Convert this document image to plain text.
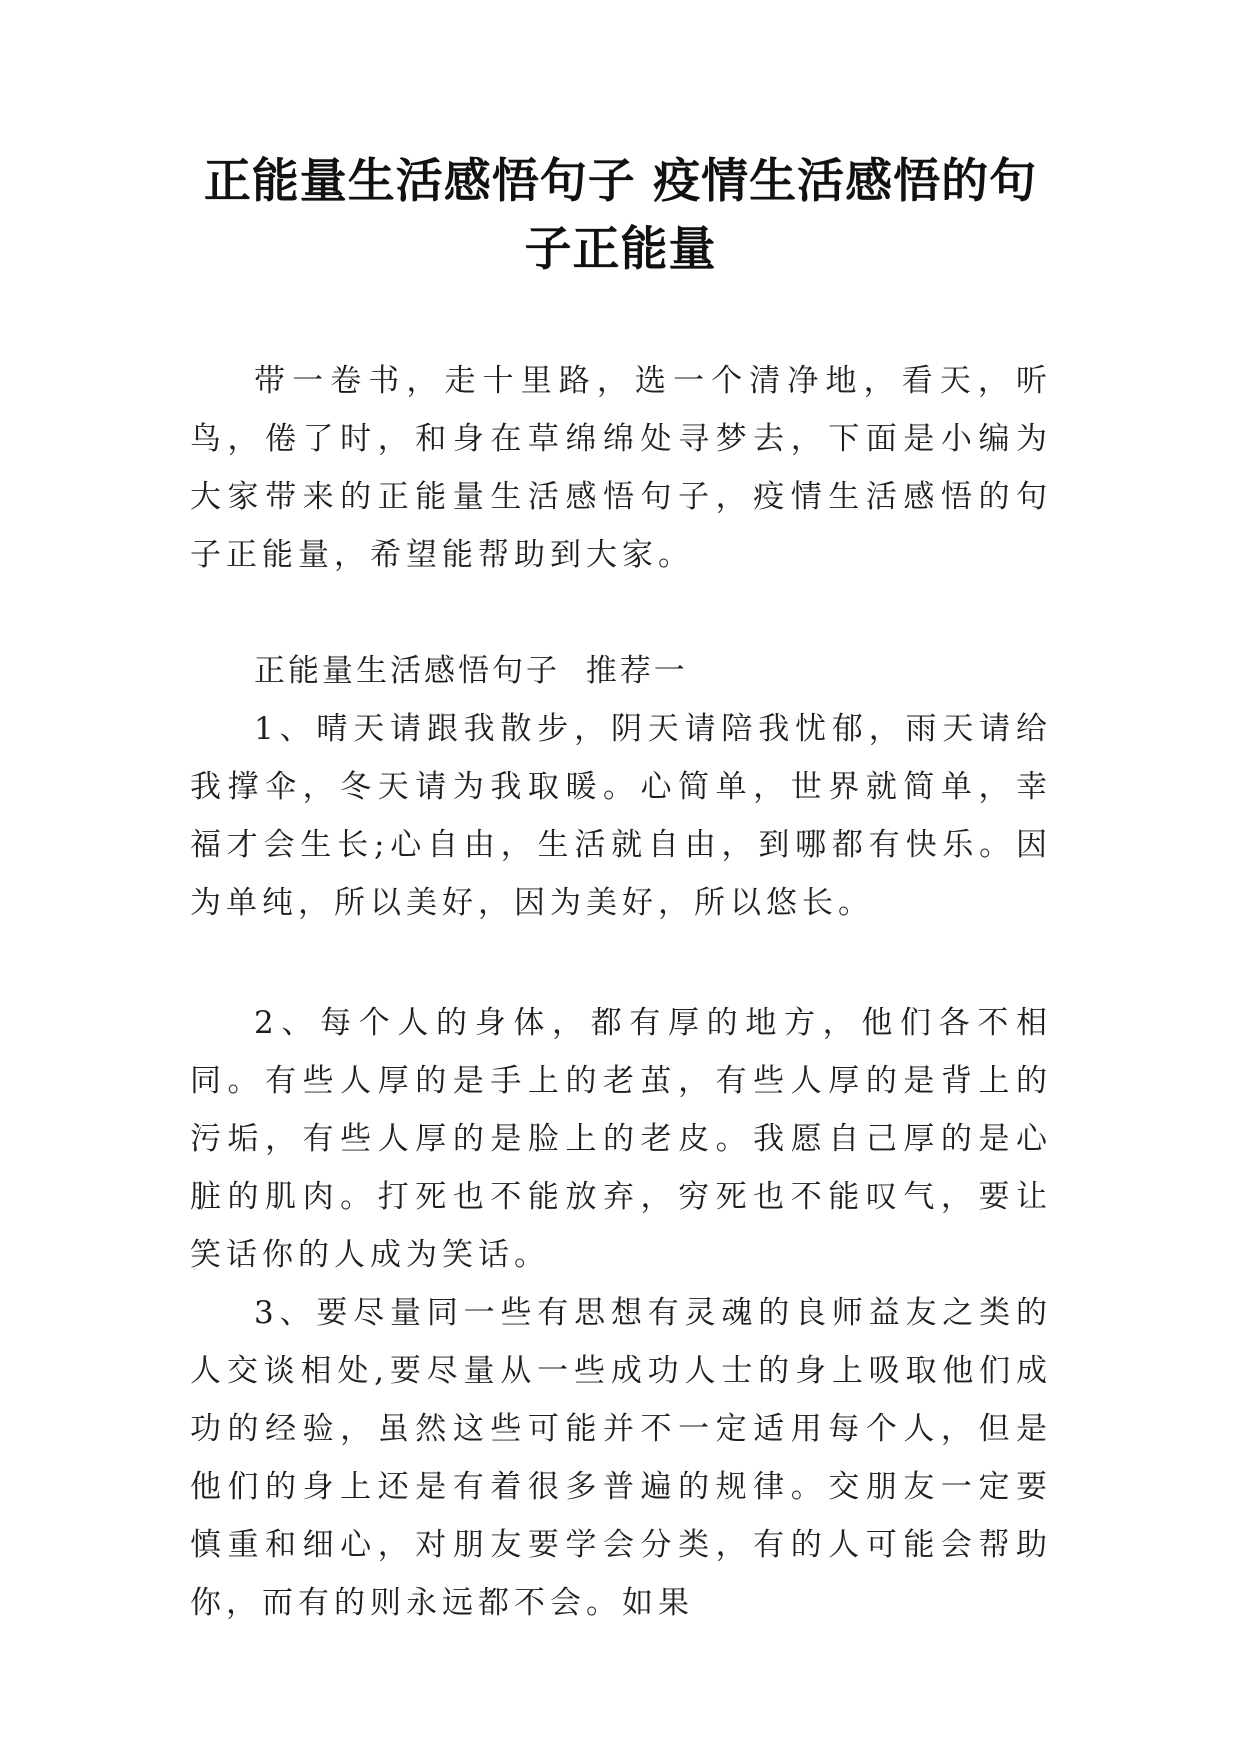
正能量生活感悟句子 疫情生活感悟的句子正能量

带一卷书，走十里路，选一个清净地，看天，听鸟，倦了时，和身在草绵绵处寻梦去，下面是小编为大家带来的正能量生活感悟句子，疫情生活感悟的句子正能量，希望能帮助到大家。

正能量生活感悟句子  推荐一

1、晴天请跟我散步，阴天请陪我忧郁，雨天请给我撑伞，冬天请为我取暖。心简单，世界就简单，幸福才会生长;心自由，生活就自由，到哪都有快乐。因为单纯，所以美好，因为美好，所以悠长。

2、每个人的身体，都有厚的地方，他们各不相同。有些人厚的是手上的老茧，有些人厚的是背上的污垢，有些人厚的是脸上的老皮。我愿自己厚的是心脏的肌肉。打死也不能放弃，穷死也不能叹气，要让笑话你的人成为笑话。

3、要尽量同一些有思想有灵魂的良师益友之类的人交谈相处,要尽量从一些成功人士的身上吸取他们成功的经验，虽然这些可能并不一定适用每个人，但是他们的身上还是有着很多普遍的规律。交朋友一定要慎重和细心，对朋友要学会分类，有的人可能会帮助你，而有的则永远都不会。如果
